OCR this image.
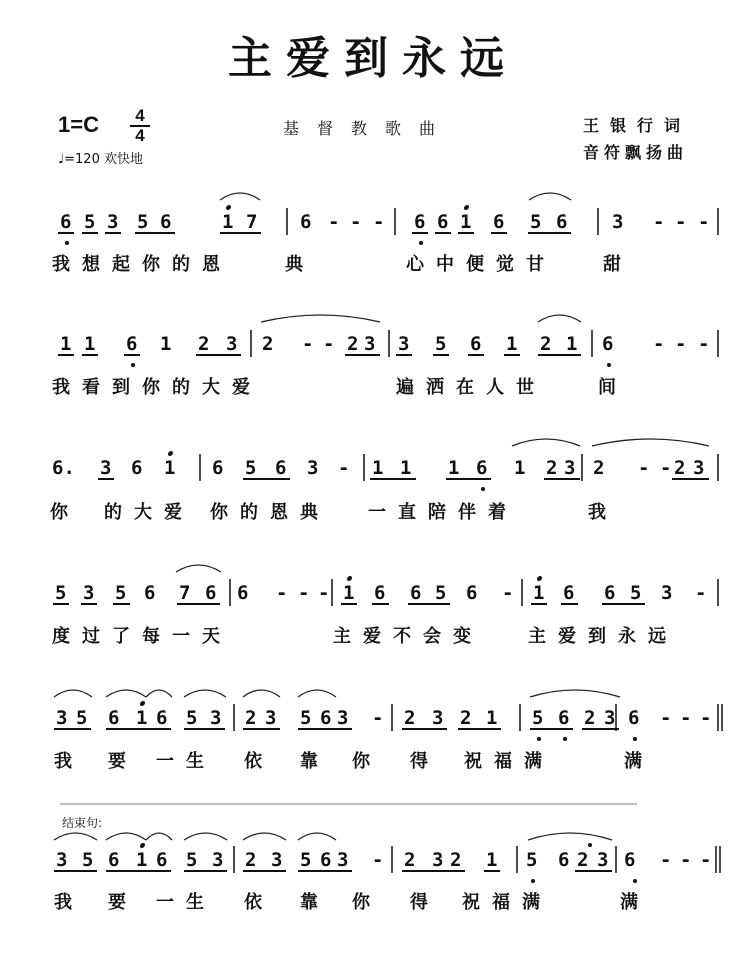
主爱到永远
1=C	4
4
♩=120 欢快地
基督教歌曲	王银行词
音符飘扬曲
结束句:
6 5 3 5 6	1 7 6 - - - 6 6 1 6 5 6 3 - - -
我想起你的恩	典	心中便觉甘	甜
1 1 6 1 2 3 2 - - 2 3 3 5 6 1 2 1 6 - - -
我看到你的大爱	遍洒在人世	间
6. 3 6 1 6 5 6 3 - 1 1 1 6 1 2 3 2 - - 2 3
你 的大爱 你的恩典 一直陪伴着	我
5 3 5 6 7 6 6 - - - 1 6 6 5 6 - 1 6 6 5 3 -
度过了每一 天	主爱不会变	主爱到永远
3 5 6 1 6 5 3 2 3 5 6 3 - 2 3 2 1 5 6 2 3 6 - - -
我 要 一生 依 靠 你 得 祝福满	满
3 5 6 1 6 5 3 2 3 5 6 3 - 2 3 2 1 5 6 2 3 6 - - -
我 要 一生 依 靠 你 得 祝福满	满
